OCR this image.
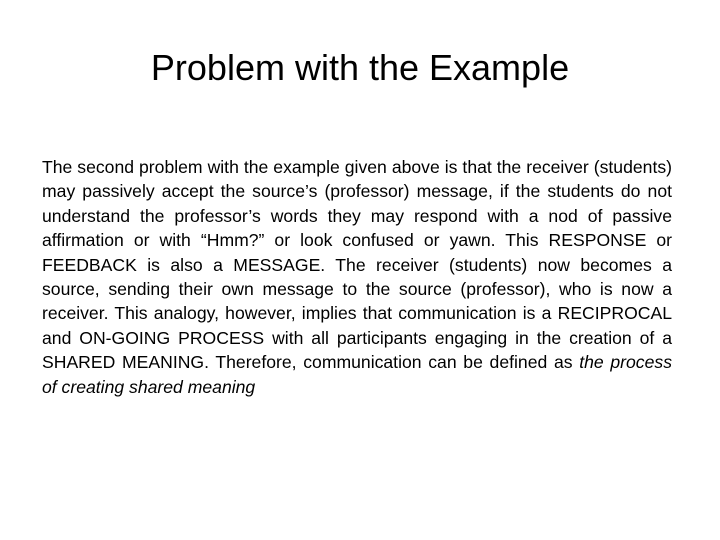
Problem with the Example

The second problem with the example given above is that the receiver (students) may passively accept the source’s (professor) message, if the students do not understand the professor’s words they may respond with a nod of passive affirmation or with “Hmm?” or look confused or yawn. This RESPONSE or FEEDBACK is also a MESSAGE. The receiver (students) now becomes a source, sending their own message to the source (professor), who is now a receiver. This analogy, however, implies that communication is a RECIPROCAL and ON-GOING PROCESS with all participants engaging in the creation of a SHARED MEANING. Therefore, communication can be defined as the process of creating shared meaning
